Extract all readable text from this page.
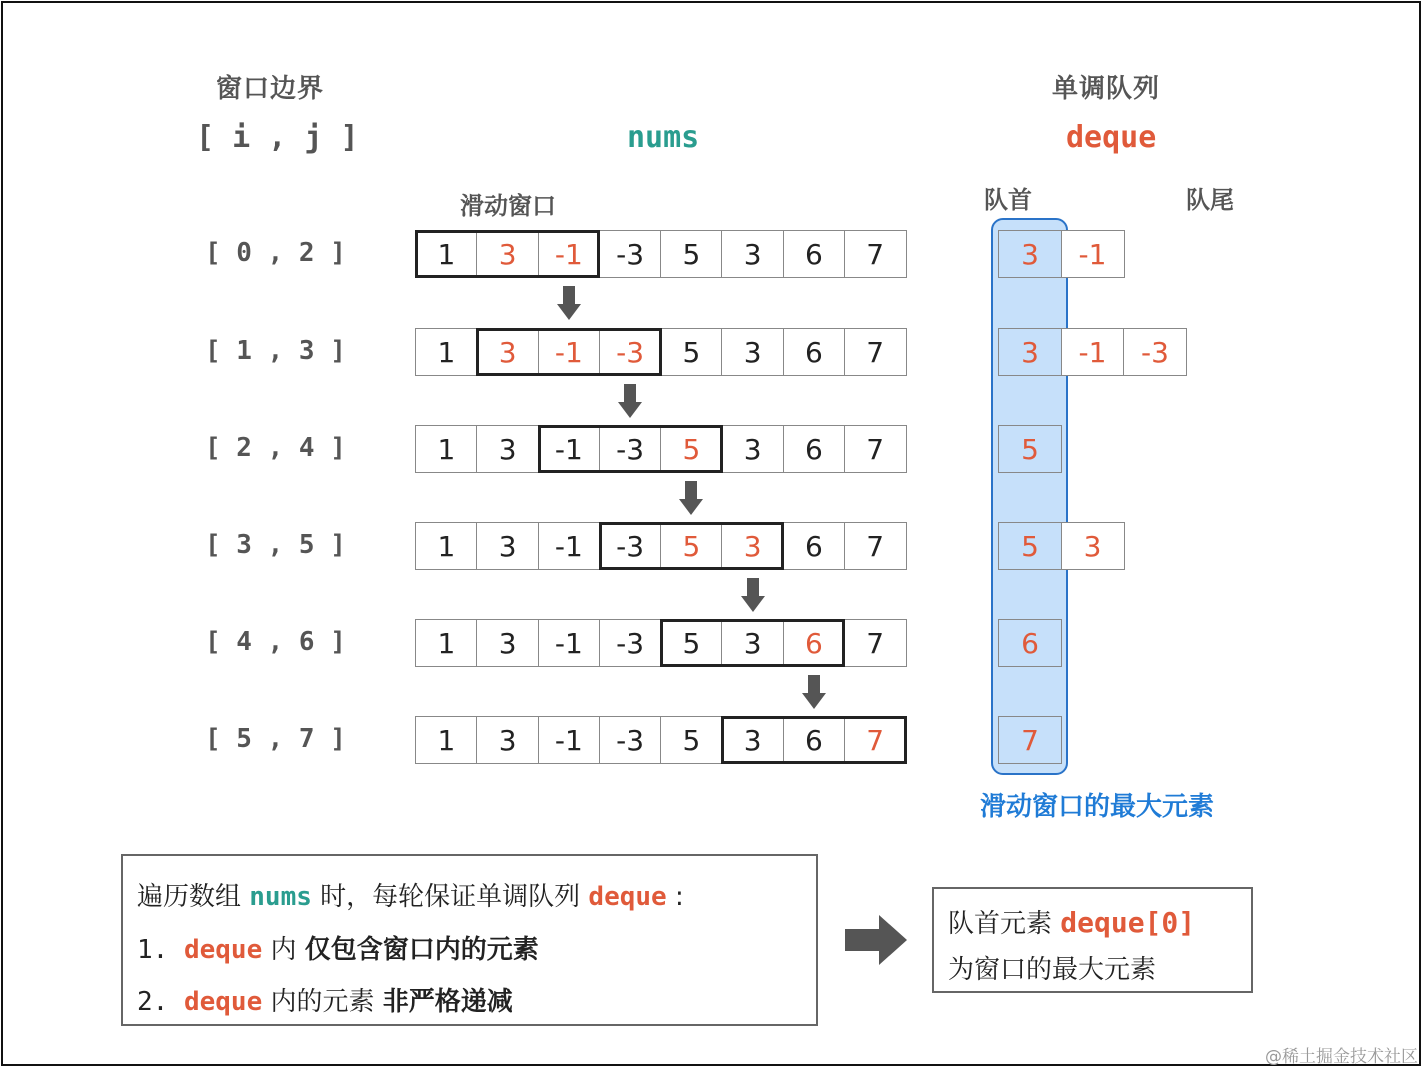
窗口边界
[ i , j ]	nums
单调队列
deque
滑动窗口	队首	队尾
[ 0 , 2 ]	1	3	-1	-3	5	3	6	7	3	-1
[ 1 , 3 ]	1	3	-1	-3	5	3	6	7	3	-1	-3
[ 2 , 4 ]	1	3	-1	-3	5	3	6	7	5
[ 3 , 5 ]	1	3	-1	-3	5	3	6	7	5	3
[ 4 , 6 ]	1	3	-1	-3	5	3	6	7	6
[ 5 , 7 ]	1	3	-1	-3	5	3	6	7	7
滑动窗口的最大元素
遍历数组 nums 时，每轮保证单调队列 deque :
1. deque 内 仅包含窗口内的元素
2. deque 内的元素 非严格递减
队首元素 deque[0]
为窗口的最大元素
@稀土掘金技术社区
